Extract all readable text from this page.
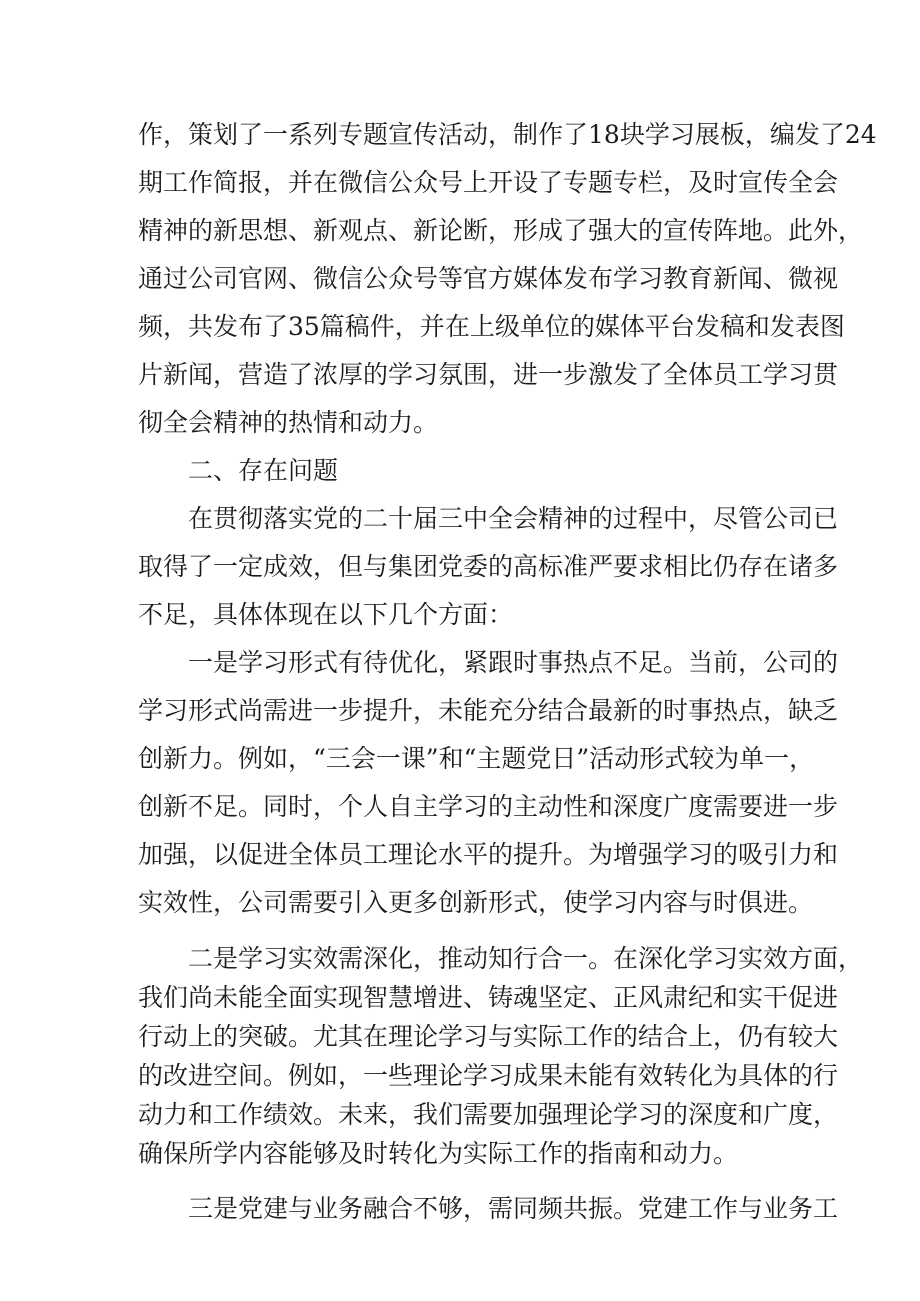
作，策划了一系列专题宣传活动，制作了18块学习展板，编发了24

期工作简报，并在微信公众号上开设了专题专栏，及时宣传全会

精神的新思想、新观点、新论断，形成了强大的宣传阵地。此外，

通过公司官网、微信公众号等官方媒体发布学习教育新闻、微视

频，共发布了35篇稿件，并在上级单位的媒体平台发稿和发表图

片新闻，营造了浓厚的学习氛围，进一步激发了全体员工学习贯

彻全会精神的热情和动力。

二、存在问题

在贯彻落实党的二十届三中全会精神的过程中，尽管公司已

取得了一定成效，但与集团党委的高标准严要求相比仍存在诸多

不足，具体体现在以下几个方面：

一是学习形式有待优化，紧跟时事热点不足。当前，公司的

学习形式尚需进一步提升，未能充分结合最新的时事热点，缺乏

创新力。例如，“三会一课”和“主题党日”活动形式较为单一，

创新不足。同时，个人自主学习的主动性和深度广度需要进一步

加强，以促进全体员工理论水平的提升。为增强学习的吸引力和

实效性，公司需要引入更多创新形式，使学习内容与时俱进。

二是学习实效需深化，推动知行合一。在深化学习实效方面，

我们尚未能全面实现智慧增进、铸魂坚定、正风肃纪和实干促进

行动上的突破。尤其在理论学习与实际工作的结合上，仍有较大

的改进空间。例如，一些理论学习成果未能有效转化为具体的行

动力和工作绩效。未来，我们需要加强理论学习的深度和广度，

确保所学内容能够及时转化为实际工作的指南和动力。

三是党建与业务融合不够，需同频共振。党建工作与业务工
